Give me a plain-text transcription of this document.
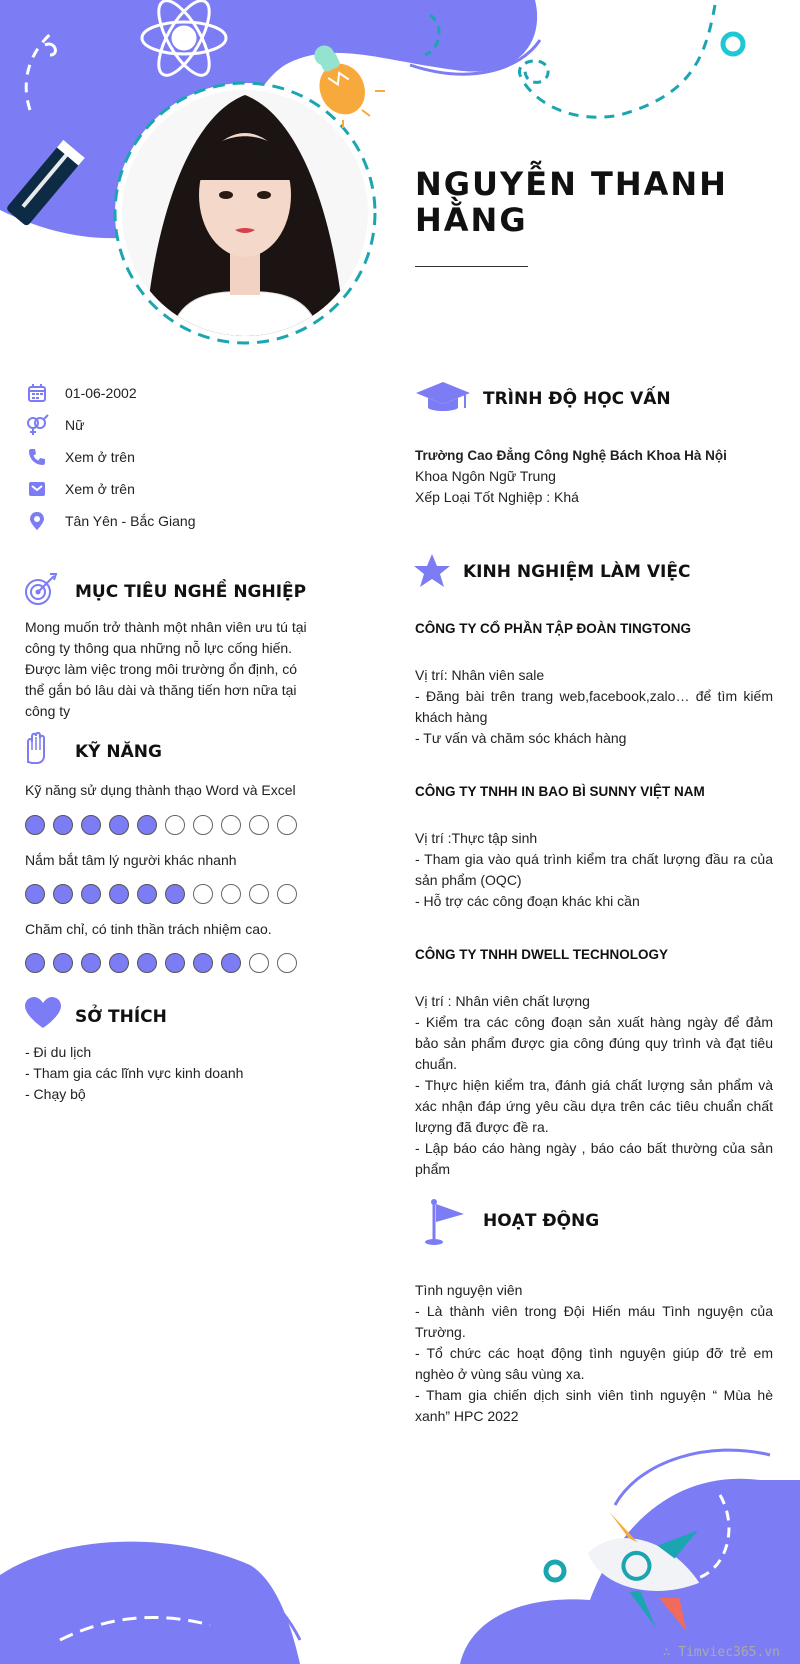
NGUYỄN THANH HẰNG
01-06-2002
Nữ
Xem ở trên
Xem ở trên
Tân Yên - Bắc Giang
MỤC TIÊU NGHỀ NGHIỆP
Mong muốn trở thành một nhân viên ưu tú tại công ty thông qua những nỗ lực cống hiến. Được làm việc trong môi trường ổn định, có thể gắn bó lâu dài và thăng tiến hơn nữa tại công ty
KỸ NĂNG
Kỹ năng sử dụng thành thạo Word và Excel
Nắm bắt tâm lý người khác nhanh
Chăm chỉ, có tinh thần trách nhiệm cao.
SỞ THÍCH
- Đi du lịch
- Tham gia các lĩnh vực kinh doanh
- Chạy bộ
TRÌNH ĐỘ HỌC VẤN
Trường Cao Đẳng Công Nghệ Bách Khoa Hà Nội
Khoa Ngôn Ngữ Trung
Xếp Loại Tốt Nghiệp : Khá
KINH NGHIỆM LÀM VIỆC
CÔNG TY CỔ PHẦN TẬP ĐOÀN TINGTONG
Vị trí: Nhân viên sale
- Đăng bài trên trang web,facebook,zalo… để tìm kiếm khách hàng
- Tư vấn và chăm sóc khách hàng
CÔNG TY TNHH IN BAO BÌ SUNNY VIỆT NAM
Vị trí :Thực tập sinh
- Tham gia vào quá trình kiểm tra chất lượng đầu ra của sản phẩm (OQC)
- Hỗ trợ các công đoạn khác khi cần
CÔNG TY TNHH DWELL TECHNOLOGY
Vị trí : Nhân viên chất lượng
- Kiểm tra các công đoạn sản xuất hàng ngày để đảm bảo sản phẩm được gia công đúng quy trình và đạt tiêu chuẩn.
- Thực hiện kiểm tra, đánh giá chất lượng sản phẩm và xác nhận đáp ứng yêu cầu dựa trên các tiêu chuẩn chất lượng đã được đề ra.
- Lập báo cáo hàng ngày , báo cáo bất thường của sản phẩm
HOẠT ĐỘNG
Tình nguyện viên
- Là thành viên trong Đội Hiến máu Tình nguyện của Trường.
- Tổ chức các hoạt động tình nguyện giúp đỡ trẻ em nghèo ở vùng sâu vùng xa.
- Tham gia chiến dịch sinh viên tình nguyện “ Mùa hè xanh” HPC 2022
∴ Timviec365.vn
